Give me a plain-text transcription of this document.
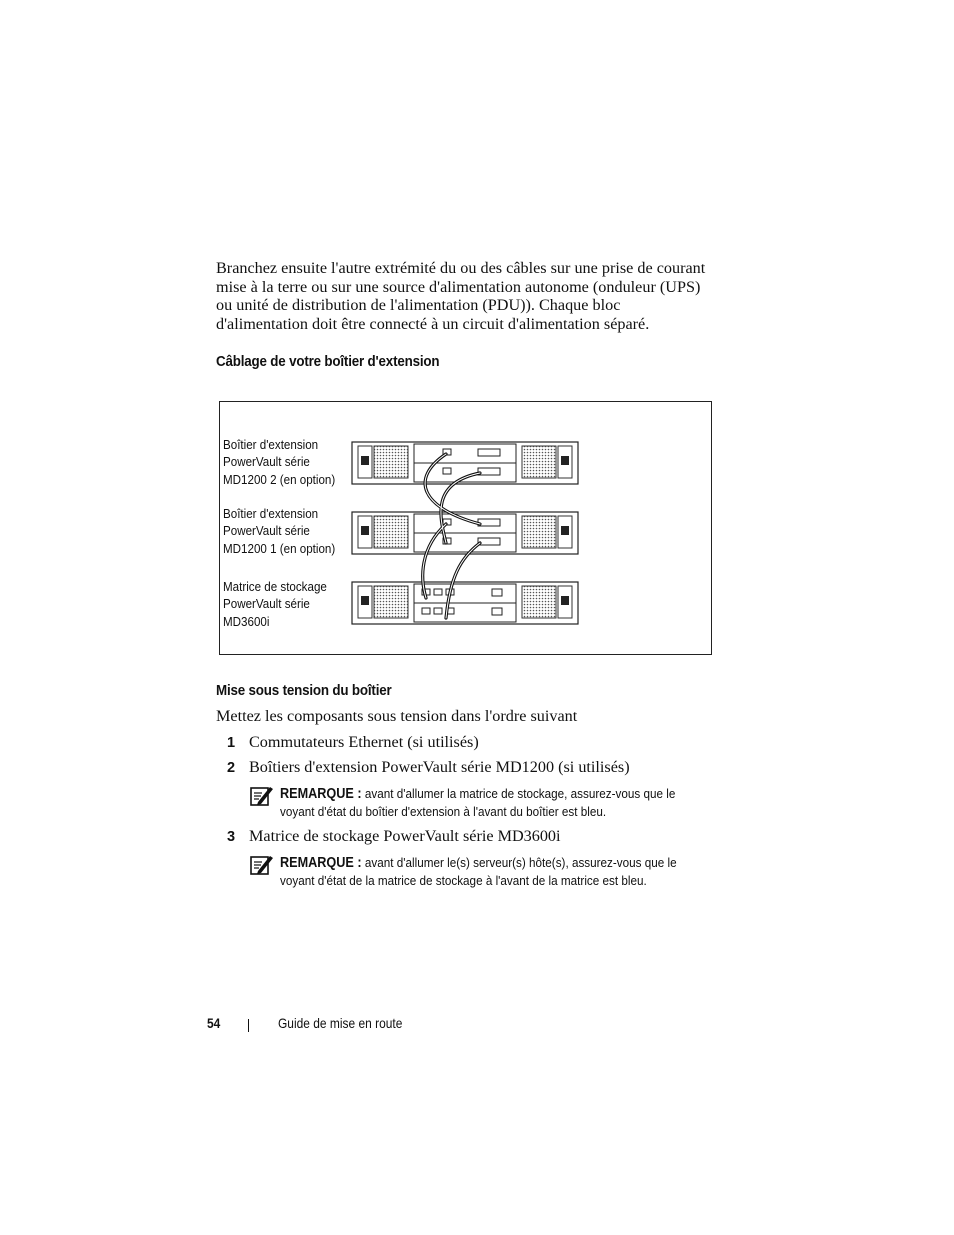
Branchez ensuite l'autre extrémité du ou des câbles sur une prise de courant
mise à la terre ou sur une source d'alimentation autonome (onduleur (UPS)
ou unité de distribution de l'alimentation (PDU)). Chaque bloc
d'alimentation doit être connecté à un circuit d'alimentation séparé.
Câblage de votre boîtier d'extension
Boîtier d'extension
PowerVault série
MD1200 2 (en option)
Boîtier d'extension
PowerVault série
MD1200 1 (en option)
Matrice de stockage
PowerVault série
MD3600i
Mise sous tension du boîtier
Mettez les composants sous tension dans l'ordre suivant
1 Commutateurs Ethernet (si utilisés)
2 Boîtiers d'extension PowerVault série MD1200 (si utilisés)
REMARQUE : avant d'allumer la matrice de stockage, assurez-vous que le
voyant d'état du boîtier d'extension à l'avant du boîtier est bleu.
3 Matrice de stockage PowerVault série MD3600i
REMARQUE : avant d'allumer le(s) serveur(s) hôte(s), assurez-vous que le
voyant d'état de la matrice de stockage à l'avant de la matrice est bleu.
54	Guide de mise en route
